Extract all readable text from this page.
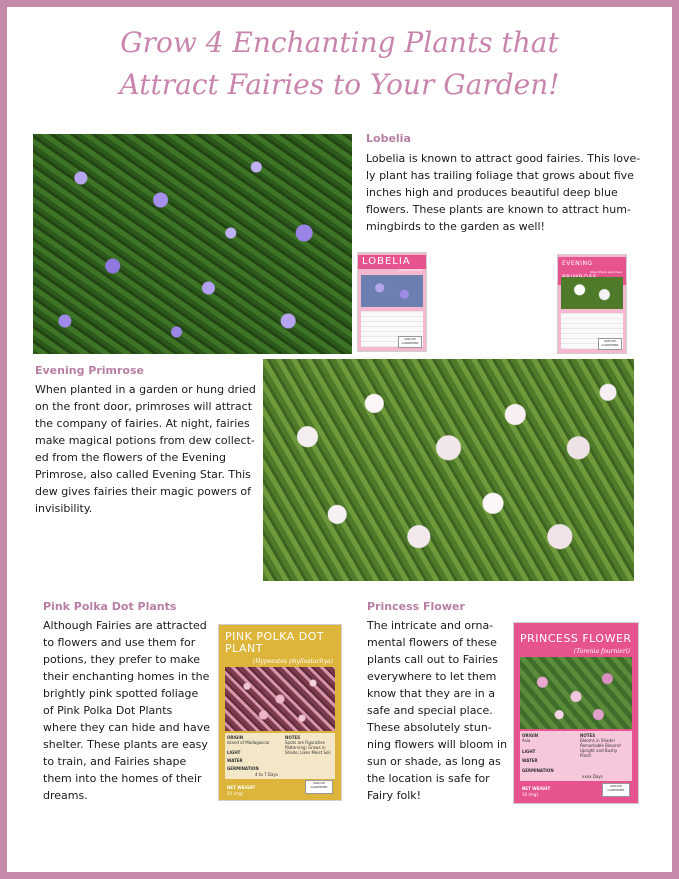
Grow 4 Enchanting Plants that
Attract Fairies to Your Garden!
Lobelia
Lobelia is known to attract good fairies. This love-
ly plant has trailing foliage that grows about five
inches high and produces beautiful deep blue
flowers. These plants are known to attract hum-
mingbirds to the garden as well!
LOBELIA
(Lobelia erinus)
UNIQUE GARDENER
EVENING
(Oenothera speciosa)
UNIQUE GARDENER
Evening Primrose
When planted in a garden or hung dried
on the front door, primroses will attract
the company of fairies. At night, fairies
make magical potions from dew collect-
ed from the flowers of the Evening
Primrose, also called Evening Star. This
dew gives fairies their magic powers of
invisibility.
Pink Polka Dot Plants
Although Fairies are attracted
to flowers and use them for
potions, they prefer to make
their enchanting homes in the
brightly pink spotted foliage
of Pink Polka Dot Plants
where they can hide and have
shelter. These plants are easy
to train, and Fairies shape
them into the homes of their
dreams.
PINK POLKA DOT
PLANT
(Hypoestes phyllostachya)
ORIGIN
Island of Madagascar
NOTES
Spots are Figurative Patterning; Grows in Shade; Likes Moist Soil
LIGHT
WATER
GERMINATION
4 to 7 Days
NET WEIGHT
25 (mg)
UNIQUE GARDENER
Princess Flower
The intricate and orna-
mental flowers of these
plants call out to Fairies
everywhere to let them
know that they are in a
safe and special place.
These absolutely stun-
ning flowers will bloom in
sun or shade, as long as
the location is safe for
Fairy folk!
PRINCESS FLOWER
(Torenia fournieri)
ORIGIN
Asia
NOTES
Blooms in Shade! Remarkable Blooms! Upright and Bushy Plant!
LIGHT
WATER
GERMINATION
xxxx Days
NET WEIGHT
10 (mg)
UNIQUE GARDENER
